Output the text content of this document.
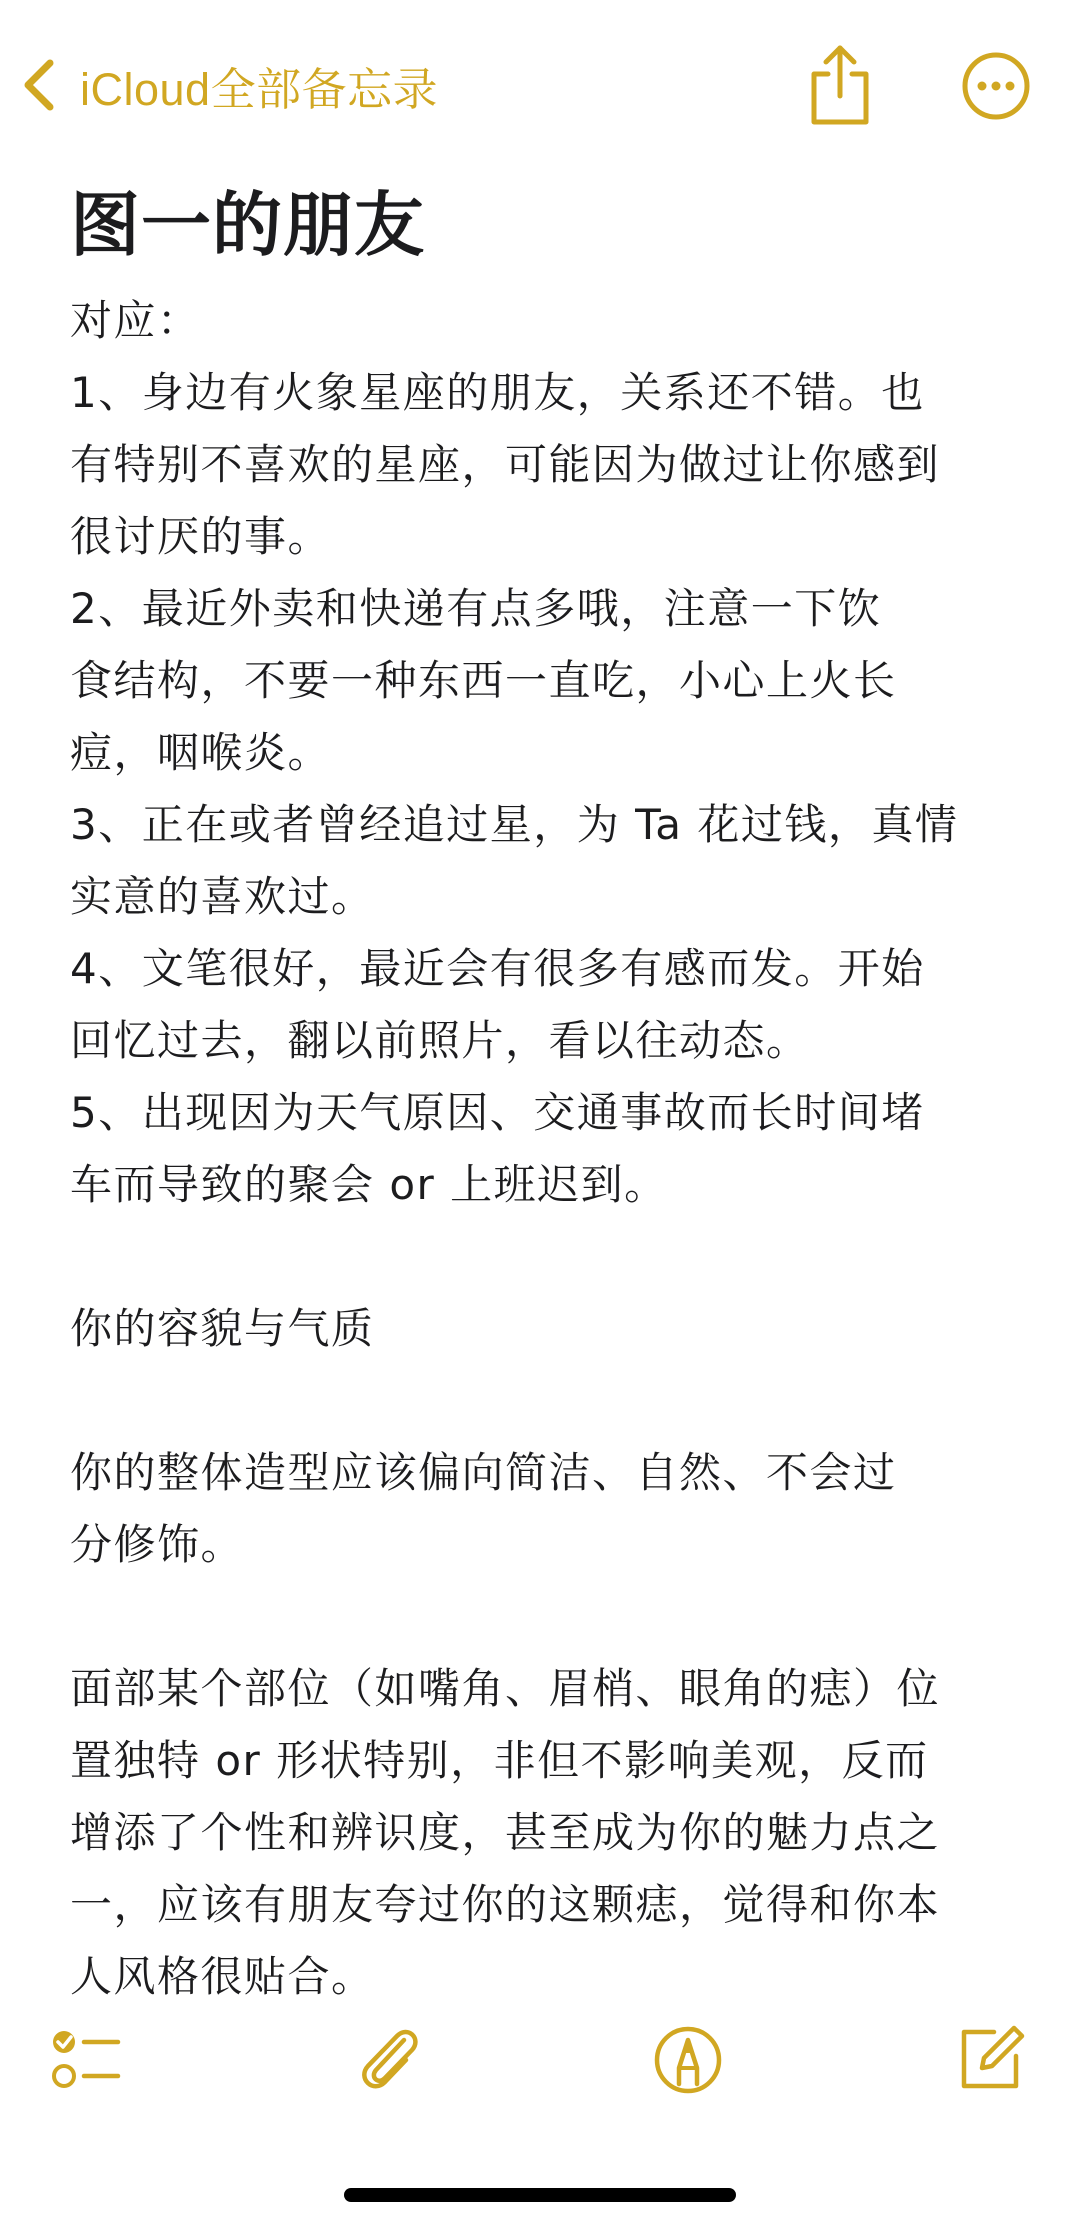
iCloud全部备忘录
图一的朋友
对应：
1、身边有火象星座的朋友，关系还不错。也
有特别不喜欢的星座，可能因为做过让你感到
很讨厌的事。
2、最近外卖和快递有点多哦，注意一下饮
食结构，不要一种东西一直吃，小心上火长
痘，咽喉炎。
3、正在或者曾经追过星，为 Ta 花过钱，真情
实意的喜欢过。
4、文笔很好，最近会有很多有感而发。开始
回忆过去，翻以前照片，看以往动态。
5、出现因为天气原因、交通事故而长时间堵
车而导致的聚会 or 上班迟到。
你的容貌与气质
你的整体造型应该偏向简洁、自然、不会过
分修饰。
面部某个部位（如嘴角、眉梢、眼角的痣）位
置独特 or 形状特别，非但不影响美观，反而
增添了个性和辨识度，甚至成为你的魅力点之
一，应该有朋友夸过你的这颗痣，觉得和你本
人风格很贴合。
